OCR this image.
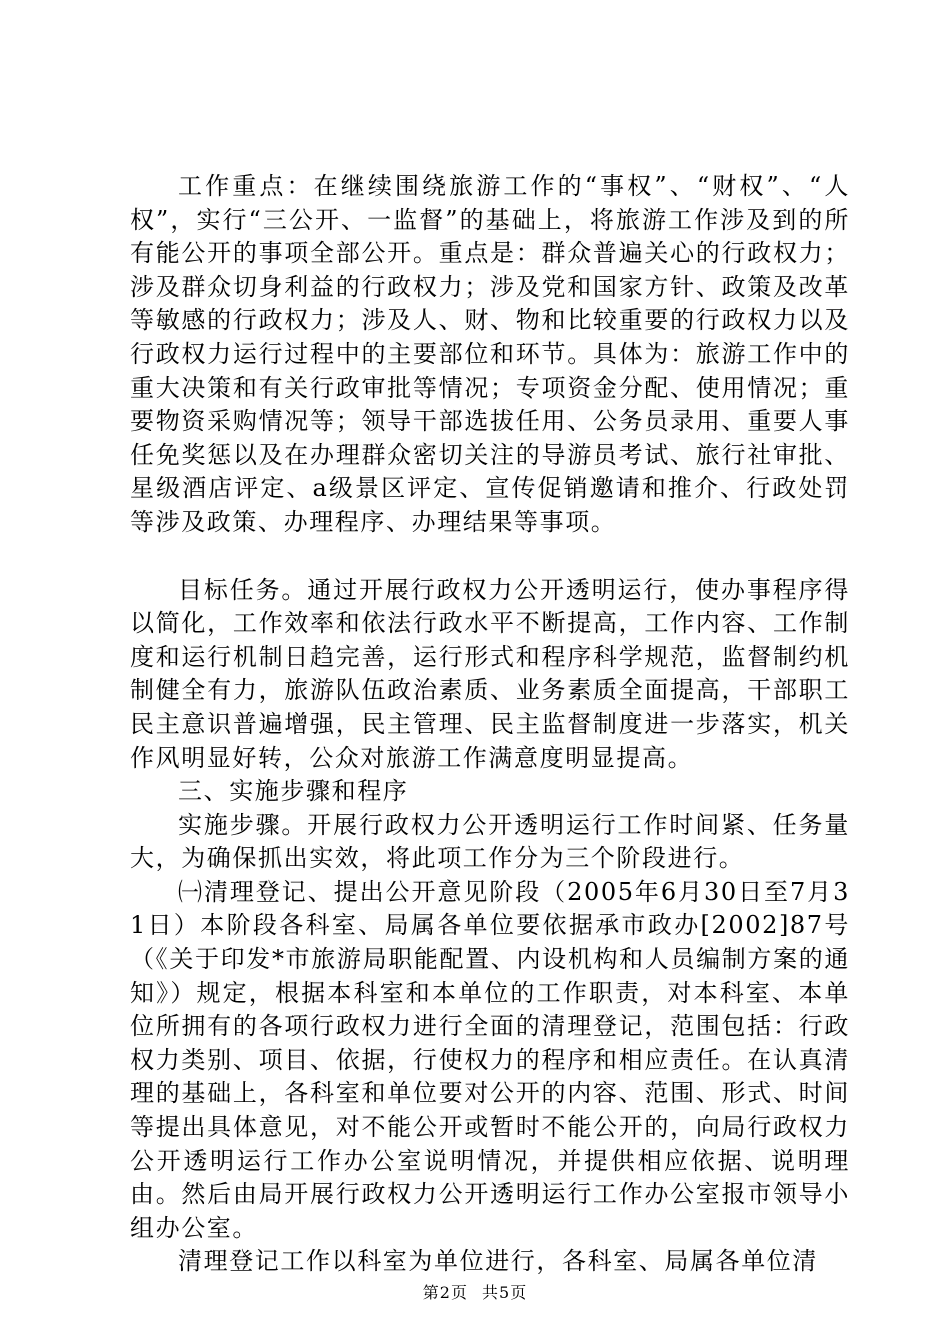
工作重点：在继续围绕旅游工作的“事权”、“财权”、“人权”，实行“三公开、一监督”的基础上，将旅游工作涉及到的所有能公开的事项全部公开。重点是：群众普遍关心的行政权力；涉及群众切身利益的行政权力；涉及党和国家方针、政策及改革等敏感的行政权力；涉及人、财、物和比较重要的行政权力以及行政权力运行过程中的主要部位和环节。具体为：旅游工作中的重大决策和有关行政审批等情况；专项资金分配、使用情况；重要物资采购情况等；领导干部选拔任用、公务员录用、重要人事任免奖惩以及在办理群众密切关注的导游员考试、旅行社审批、星级酒店评定、a级景区评定、宣传促销邀请和推介、行政处罚等涉及政策、办理程序、办理结果等事项。

目标任务。通过开展行政权力公开透明运行，使办事程序得以简化，工作效率和依法行政水平不断提高，工作内容、工作制度和运行机制日趋完善，运行形式和程序科学规范，监督制约机制健全有力，旅游队伍政治素质、业务素质全面提高，干部职工民主意识普遍增强，民主管理、民主监督制度进一步落实，机关作风明显好转，公众对旅游工作满意度明显提高。

三、实施步骤和程序

实施步骤。开展行政权力公开透明运行工作时间紧、任务量大，为确保抓出实效，将此项工作分为三个阶段进行。

㈠清理登记、提出公开意见阶段（2005年6月30日至7月31日）本阶段各科室、局属各单位要依据承市政办[2002]87号（《关于印发*市旅游局职能配置、内设机构和人员编制方案的通知》）规定，根据本科室和本单位的工作职责，对本科室、本单位所拥有的各项行政权力进行全面的清理登记，范围包括：行政权力类别、项目、依据，行使权力的程序和相应责任。在认真清理的基础上，各科室和单位要对公开的内容、范围、形式、时间等提出具体意见，对不能公开或暂时不能公开的，向局行政权力公开透明运行工作办公室说明情况，并提供相应依据、说明理由。然后由局开展行政权力公开透明运行工作办公室报市领导小组办公室。

清理登记工作以科室为单位进行，各科室、局属各单位清

第2页 共5页
